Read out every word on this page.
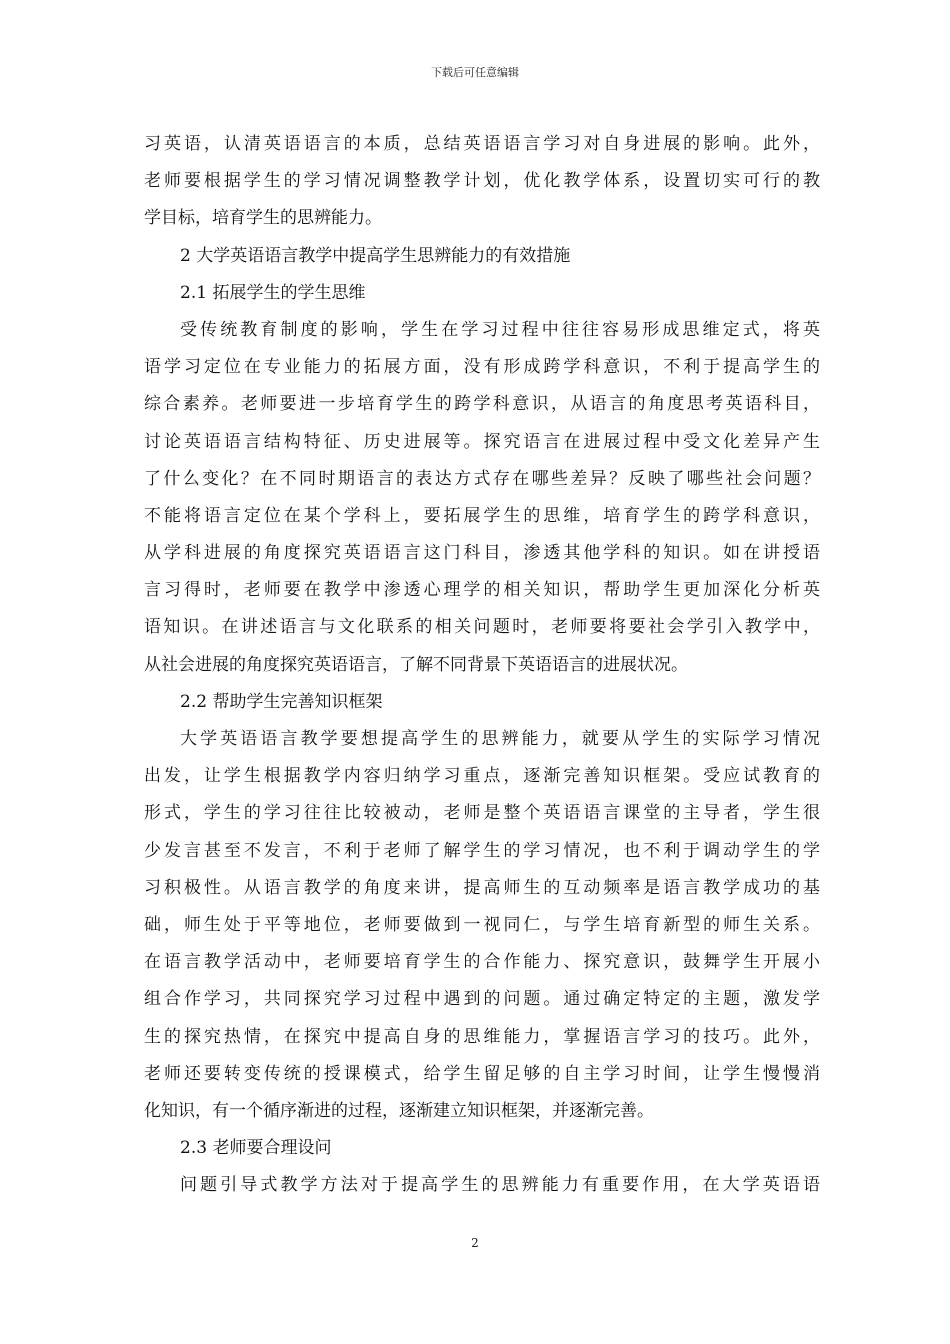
下载后可任意编辑
习英语，认清英语语言的本质，总结英语语言学习对自身进展的影响。此外，
老师要根据学生的学习情况调整教学计划，优化教学体系，设置切实可行的教
学目标，培育学生的思辨能力。
2 大学英语语言教学中提高学生思辨能力的有效措施
2.1 拓展学生的学生思维
受传统教育制度的影响，学生在学习过程中往往容易形成思维定式，将英
语学习定位在专业能力的拓展方面，没有形成跨学科意识，不利于提高学生的
综合素养。老师要进一步培育学生的跨学科意识，从语言的角度思考英语科目，
讨论英语语言结构特征、历史进展等。探究语言在进展过程中受文化差异产生
了什么变化？在不同时期语言的表达方式存在哪些差异？反映了哪些社会问题？
不能将语言定位在某个学科上，要拓展学生的思维，培育学生的跨学科意识，
从学科进展的角度探究英语语言这门科目，渗透其他学科的知识。如在讲授语
言习得时，老师要在教学中渗透心理学的相关知识，帮助学生更加深化分析英
语知识。在讲述语言与文化联系的相关问题时，老师要将要社会学引入教学中，
从社会进展的角度探究英语语言，了解不同背景下英语语言的进展状况。
2.2 帮助学生完善知识框架
大学英语语言教学要想提高学生的思辨能力，就要从学生的实际学习情况
出发，让学生根据教学内容归纳学习重点，逐渐完善知识框架。受应试教育的
形式，学生的学习往往比较被动，老师是整个英语语言课堂的主导者，学生很
少发言甚至不发言，不利于老师了解学生的学习情况，也不利于调动学生的学
习积极性。从语言教学的角度来讲，提高师生的互动频率是语言教学成功的基
础，师生处于平等地位，老师要做到一视同仁，与学生培育新型的师生关系。
在语言教学活动中，老师要培育学生的合作能力、探究意识，鼓舞学生开展小
组合作学习，共同探究学习过程中遇到的问题。通过确定特定的主题，激发学
生的探究热情，在探究中提高自身的思维能力，掌握语言学习的技巧。此外，
老师还要转变传统的授课模式，给学生留足够的自主学习时间，让学生慢慢消
化知识，有一个循序渐进的过程，逐渐建立知识框架，并逐渐完善。
2.3 老师要合理设问
问题引导式教学方法对于提高学生的思辨能力有重要作用，在大学英语语
2
